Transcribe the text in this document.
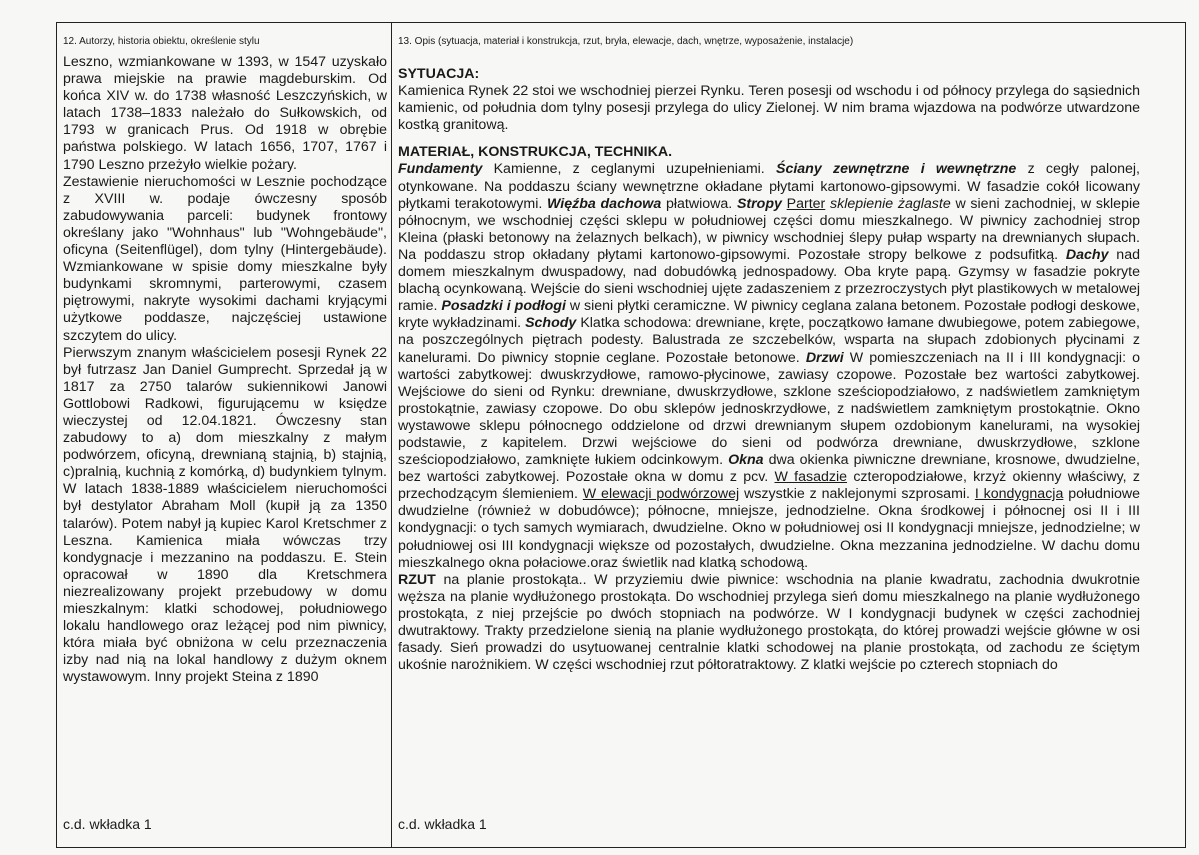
12. Autorzy, historia obiektu, określenie stylu

Leszno, wzmiankowane w 1393, w 1547 uzyskało prawa miejskie na prawie magdeburskim. Od końca XIV w. do 1738 własność Leszczyńskich, w latach 1738–1833 należało do Sułkowskich, od 1793 w granicach Prus. Od 1918 w obrębie państwa polskiego. W latach 1656, 1707, 1767 i 1790 Leszno przeżyło wielkie pożary.

Zestawienie nieruchomości w Lesznie pochodzące z XVIII w. podaje ówczesny sposób zabudowywania parceli: budynek frontowy określany jako "Wohnhaus" lub "Wohngebäude", oficyna (Seitenflügel), dom tylny (Hintergebäude). Wzmiankowane w spisie domy mieszkalne były budynkami skromnymi, parterowymi, czasem piętrowymi, nakryte wysokimi dachami kryjącymi użytkowe poddasze, najczęściej ustawione szczytem do ulicy.

Pierwszym znanym właścicielem posesji Rynek 22 był futrzasz Jan Daniel Gumprecht. Sprzedał ją w 1817 za 2750 talarów sukiennikowi Janowi Gottlobowi Radkowi, figurującemu w księdze wieczystej od 12.04.1821. Ówczesny stan zabudowy to a) dom mieszkalny z małym podwórzem, oficyną, drewnianą stajnią, b) stajnią, c)pralnią, kuchnią z komórką, d) budynkiem tylnym. W latach 1838-1889 właścicielem nieruchomości był destylator Abraham Moll (kupił ją za 1350 talarów). Potem nabył ją kupiec Karol Kretschmer z Leszna. Kamienica miała wówczas trzy kondygnacje i mezzanino na poddaszu. E. Stein opracował w 1890 dla Kretschmera niezrealizowany projekt przebudowy w domu mieszkalnym: klatki schodowej, południowego lokalu handlowego oraz leżącej pod nim piwnicy, która miała być obniżona w celu przeznaczenia izby nad nią na lokal handlowy z dużym oknem wystawowym. Inny projekt Steina z 1890

c.d. wkładka 1
13. Opis (sytuacja, materiał i konstrukcja, rzut, bryła, elewacje, dach, wnętrze, wyposażenie, instalacje)

SYTUACJA:

Kamienica Rynek 22 stoi we wschodniej pierzei Rynku. Teren posesji od wschodu i od północy przylega do sąsiednich kamienic, od południa dom tylny posesji przylega do ulicy Zielonej. W nim brama wjazdowa na podwórze utwardzone kostką granitową.

MATERIAŁ, KONSTRUKCJA, TECHNIKA.

Fundamenty Kamienne, z ceglanymi uzupełnieniami. Ściany zewnętrzne i wewnętrzne z cegły palonej, otynkowane. Na poddaszu ściany wewnętrzne okładane płytami kartonowo-gipsowymi. W fasadzie cokół licowany płytkami terakotowymi. Więźba dachowa płatwiowa. Stropy Parter sklepienie żaglaste w sieni zachodniej, w sklepie północnym, we wschodniej części sklepu w południowej części domu mieszkalnego. W piwnicy zachodniej strop Kleina (płaski betonowy na żelaznych belkach), w piwnicy wschodniej ślepy pułap wsparty na drewnianych słupach. Na poddaszu strop okładany płytami kartonowo-gipsowymi. Pozostałe stropy belkowe z podsufitką. Dachy nad domem mieszkalnym dwuspadowy, nad dobudówką jednospadowy. Oba kryte papą. Gzymsy w fasadzie pokryte blachą ocynkowaną. Wejście do sieni wschodniej ujęte zadaszeniem z przezroczystych płyt plastikowych w metalowej ramie. Posadzki i podłogi w sieni płytki ceramiczne. W piwnicy ceglana zalana betonem. Pozostałe podłogi deskowe, kryte wykładzinami. Schody Klatka schodowa: drewniane, kręte, początkowo łamane dwubiegowe, potem zabiegowe, na poszczególnych piętrach podesty. Balustrada ze szczebelków, wsparta na słupach zdobionych płycinami z kanelurami. Do piwnicy stopnie ceglane. Pozostałe betonowe. Drzwi W pomieszczeniach na II i III kondygnacji: o wartości zabytkowej: dwuskrzydłowe, ramowo-płycinowe, zawiasy czopowe. Pozostałe bez wartości zabytkowej. Wejściowe do sieni od Rynku: drewniane, dwuskrzydłowe, szklone sześciopodziałowo, z nadświetlem zamkniętym prostokątnie, zawiasy czopowe. Do obu sklepów jednoskrzydłowe, z nadświetlem zamkniętym prostokątnie. Okno wystawowe sklepu północnego oddzielone od drzwi drewnianym słupem ozdobionym kanelurami, na wysokiej podstawie, z kapitelem. Drzwi wejściowe do sieni od podwórza drewniane, dwuskrzydłowe, szklone sześciopodziałowo, zamknięte łukiem odcinkowym. Okna dwa okienka piwniczne drewniane, krosnowe, dwudzielne, bez wartości zabytkowej. Pozostałe okna w domu z pcv. W fasadzie czteropodziałowe, krzyż okienny właściwy, z przechodzącym ślemieniem. W elewacji podwórzowej wszystkie z naklejonymi szprosami. I kondygnacja południowe dwudzielne (również w dobudówce); północne, mniejsze, jednodzielne. Okna środkowej i północnej osi II i III kondygnacji: o tych samych wymiarach, dwudzielne. Okno w południowej osi II kondygnacji mniejsze, jednodzielne; w południowej osi III kondygnacji większe od pozostałych, dwudzielne. Okna mezzanina jednodzielne. W dachu domu mieszkalnego okna połaciowe.oraz świetlik nad klatką schodową.

RZUT na planie prostokąta.. W przyziemiu dwie piwnice: wschodnia na planie kwadratu, zachodnia dwukrotnie węższa na planie wydłużonego prostokąta. Do wschodniej przylega sień domu mieszkalnego na planie wydłużonego prostokąta, z niej przejście po dwóch stopniach na podwórze. W I kondygnacji budynek w części zachodniej dwutraktowy. Trakty przedzielone sienią na planie wydłużonego prostokąta, do której prowadzi wejście główne w osi fasady. Sień prowadzi do usytuowanej centralnie klatki schodowej na planie prostokąta, od zachodu ze ściętym ukośnie narożnikiem. W części wschodniej rzut półtoratraktowy. Z klatki wejście po czterech stopniach do

c.d. wkładka 1
